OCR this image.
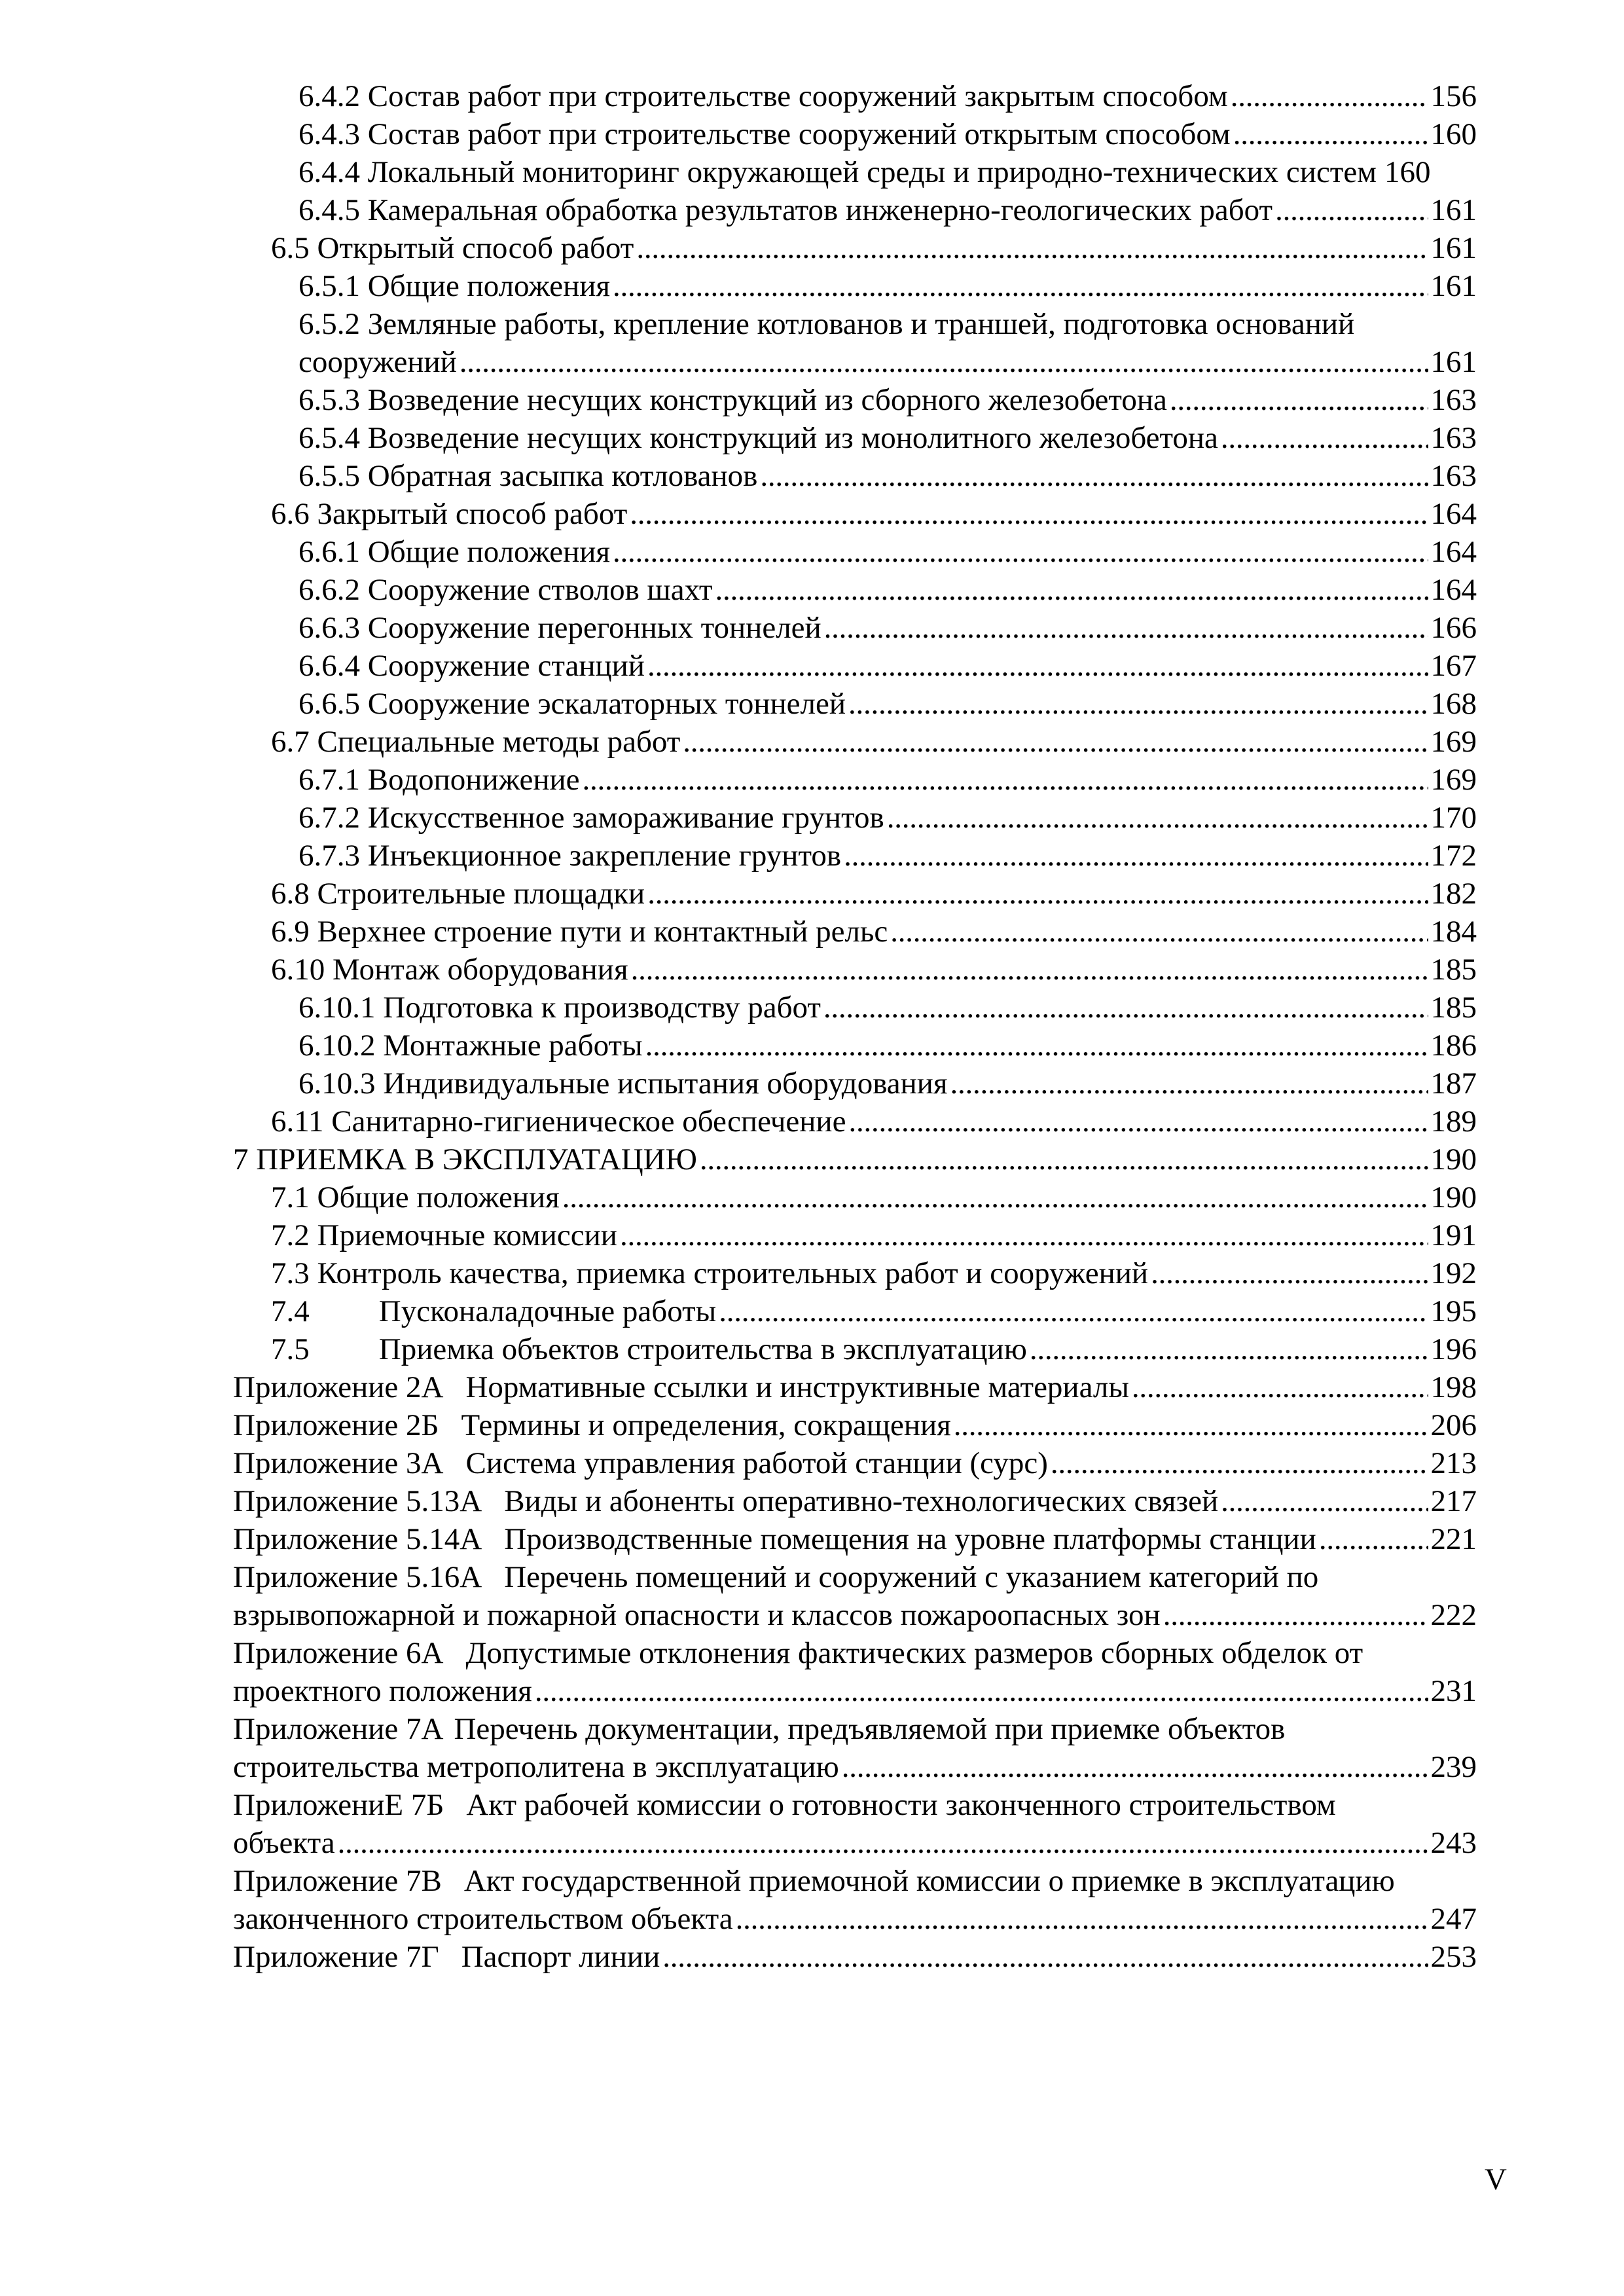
6.4.2 Состав работ при строительстве сооружений закрытым способом . . .	156
6.4.3 Состав работ при строительстве сооружений открытым способом . . .	160
6.4.4 Локальный мониторинг окружающей среды и природно-технических систем 160
6.4.5 Камеральная обработка результатов инженерно-геологических работ . . .	161
6.5 Открытый способ работ . . .	161
6.5.1 Общие положения . . .	161
6.5.2 Земляные работы, крепление котлованов и траншей, подготовка оснований
сооружений . . .	161
6.5.3 Возведение несущих конструкций из сборного железобетона . . .	163
6.5.4 Возведение несущих конструкций из монолитного железобетона . . .	163
6.5.5 Обратная засыпка котлованов . . .	163
6.6 Закрытый способ работ . . .	164
6.6.1 Общие положения . . .	164
6.6.2 Сооружение стволов шахт . . .	164
6.6.3 Сооружение перегонных тоннелей . . .	166
6.6.4 Сооружение станций . . .	167
6.6.5 Сооружение эскалаторных тоннелей . . .	168
6.7 Специальные методы работ . . .	169
6.7.1 Водопонижение . . .	169
6.7.2 Искусственное замораживание грунтов . . .	170
6.7.3 Инъекционное закрепление грунтов . . .	172
6.8 Строительные площадки . . .	182
6.9 Верхнее строение пути и контактный рельс . . .	184
6.10 Монтаж оборудования . . .	185
6.10.1 Подготовка к производству работ . . .	185
6.10.2 Монтажные работы . . .	186
6.10.3 Индивидуальные испытания оборудования . . .	187
6.11 Санитарно-гигиеническое обеспечение . . .	189
7 ПРИЕМКА В ЭКСПЛУАТАЦИЮ . . .	190
7.1 Общие положения . . .	190
7.2 Приемочные комиссии . . .	191
7.3 Контроль качества, приемка строительных работ и сооружений . . .	192
7.4 Пусконаладочные работы . . .	195
7.5 Приемка объектов строительства в эксплуатацию . . .	196
Приложение 2А Нормативные ссылки и инструктивные материалы . . .	198
Приложение 2Б Термины и определения, сокращения . . .	206
Приложение 3А Система управления работой станции (сурс) . . .	213
Приложение 5.13А Виды и абоненты оперативно-технологических связей . . .	217
Приложение 5.14А Производственные помещения на уровне платформы станции . . .	221
Приложение 5.16А Перечень помещений и сооружений с указанием категорий по
взрывопожарной и пожарной опасности и классов пожароопасных зон . . .	222
Приложение 6А Допустимые отклонения фактических размеров сборных обделок от
проектного положения . . .	231
Приложение 7А Перечень документации, предъявляемой при приемке объектов
строительства метрополитена в эксплуатацию . . .	239
ПриложениЕ 7Б Акт рабочей комиссии о готовности законченного строительством
объекта . . .	243
Приложение 7В Акт государственной приемочной комиссии о приемке в эксплуатацию
законченного строительством объекта . . .	247
Приложение 7Г Паспорт линии . . .	253
V
